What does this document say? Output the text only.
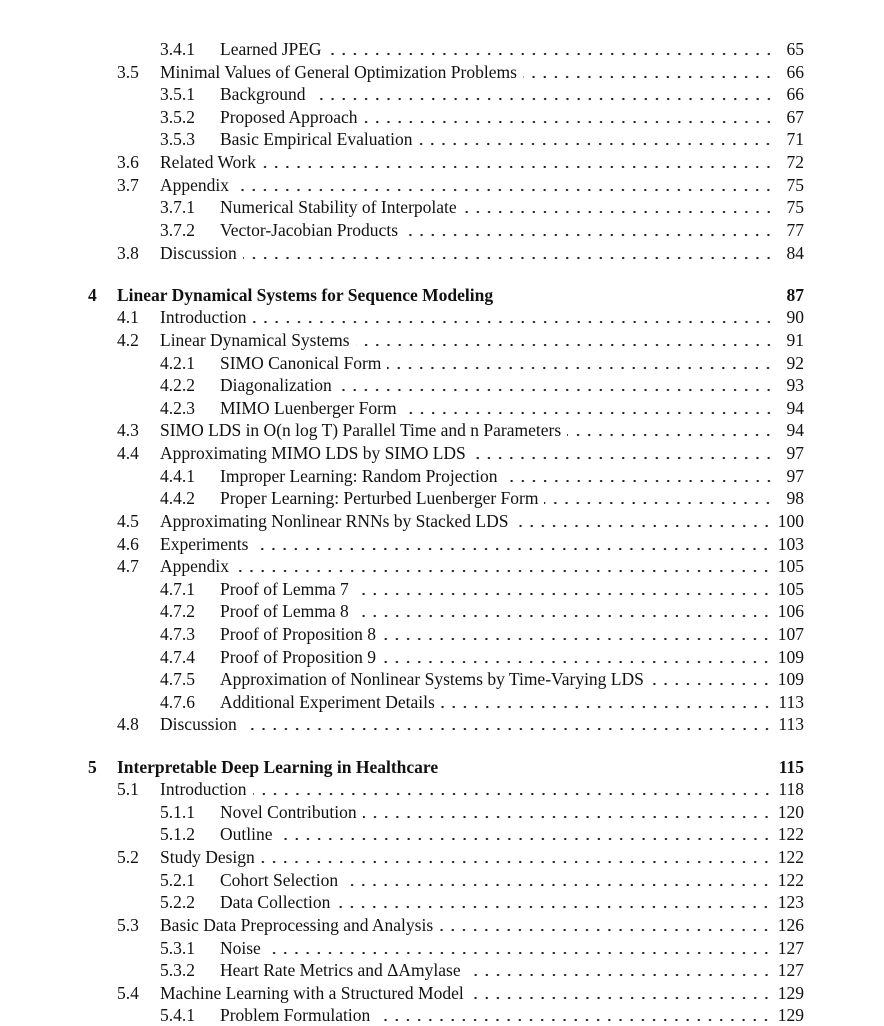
3.4.1 Learned JPEG	65
3.5 Minimal Values of General Optimization Problems	66
3.5.1 Background	66
3.5.2 Proposed Approach	67
3.5.3 Basic Empirical Evaluation	71
3.6 Related Work	72
3.7 Appendix	75
3.7.1 Numerical Stability of Interpolate	75
3.7.2 Vector-Jacobian Products	77
3.8 Discussion	84
4 Linear Dynamical Systems for Sequence Modeling	87
4.1 Introduction	90
4.2 Linear Dynamical Systems	91
4.2.1 SIMO Canonical Form	92
4.2.2 Diagonalization	93
4.2.3 MIMO Luenberger Form	94
4.3 SIMO LDS in O(n log T) Parallel Time and n Parameters	94
4.4 Approximating MIMO LDS by SIMO LDS	97
4.4.1 Improper Learning: Random Projection	97
4.4.2 Proper Learning: Perturbed Luenberger Form	98
4.5 Approximating Nonlinear RNNs by Stacked LDS	100
4.6 Experiments	103
4.7 Appendix	105
4.7.1 Proof of Lemma 7	105
4.7.2 Proof of Lemma 8	106
4.7.3 Proof of Proposition 8	107
4.7.4 Proof of Proposition 9	109
4.7.5 Approximation of Nonlinear Systems by Time-Varying LDS	109
4.7.6 Additional Experiment Details	113
4.8 Discussion	113
5 Interpretable Deep Learning in Healthcare	115
5.1 Introduction	118
5.1.1 Novel Contribution	120
5.1.2 Outline	122
5.2 Study Design	122
5.2.1 Cohort Selection	122
5.2.2 Data Collection	123
5.3 Basic Data Preprocessing and Analysis	126
5.3.1 Noise	127
5.3.2 Heart Rate Metrics and ΔAmylase	127
5.4 Machine Learning with a Structured Model	129
5.4.1 Problem Formulation	129
